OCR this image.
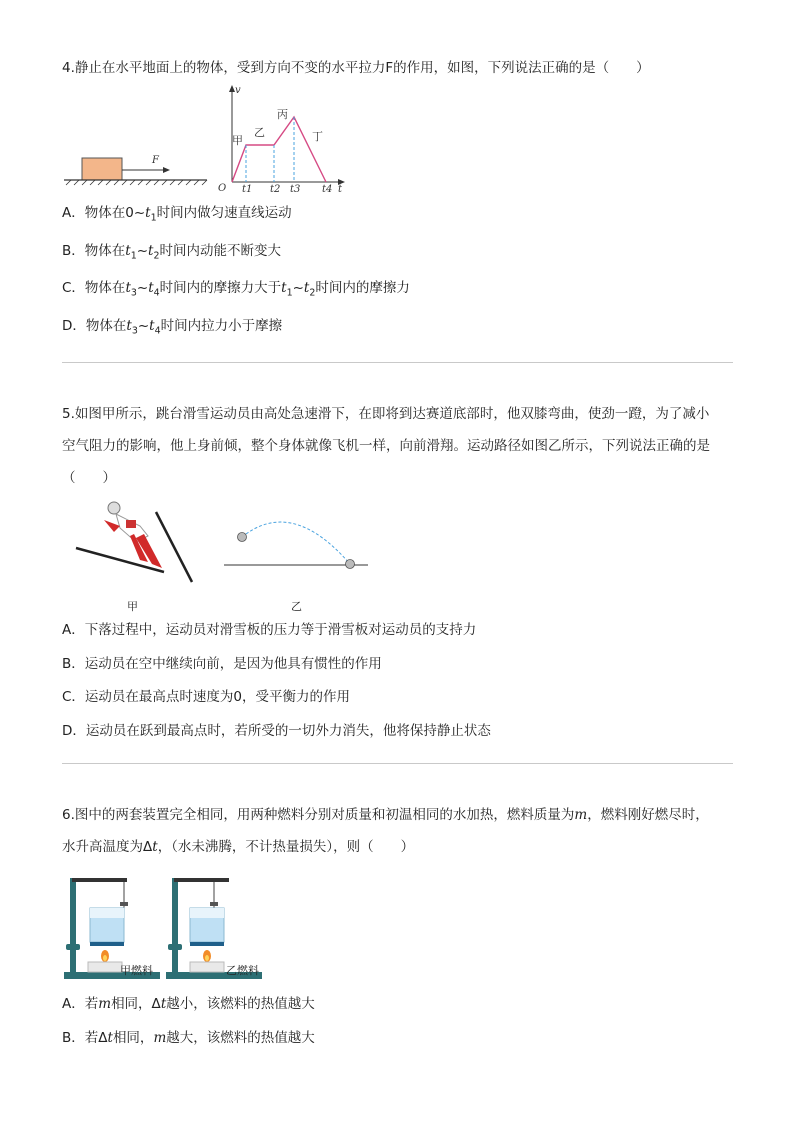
4.静止在水平地面上的物体，受到方向不变的水平拉力F的作用，如图，下列说法正确的是（　　）
F
v
t
O
甲
乙
丙
丁
t1 t2 t3 t4
A．物体在$0\sim t_1$时间内做匀速直线运动
B．物体在$t_1\sim t_2$时间内动能不断变大
C．物体在$t_3\sim t_4$时间内的摩擦力大于$t_1\sim t_2$时间内的摩擦力
D．物体在$t_3\sim t_4$时间内拉力小于摩擦
5.如图甲所示，跳台滑雪运动员由高处急速滑下，在即将到达赛道底部时，他双膝弯曲，使劲一蹬，为了减小
空气阻力的影响，他上身前倾，整个身体就像飞机一样，向前滑翔。运动路径如图乙所示，下列说法正确的是
（　　）
甲	乙
A．下落过程中，运动员对滑雪板的压力等于滑雪板对运动员的支持力
B．运动员在空中继续向前，是因为他具有惯性的作用
C．运动员在最高点时速度为0，受平衡力的作用
D．运动员在跃到最高点时，若所受的一切外力消失，他将保持静止状态
6.图中的两套装置完全相同，用两种燃料分别对质量和初温相同的水加热，燃料质量为m，燃料刚好燃尽时，
水升高温度为Δt，（水未沸腾，不计热量损失），则（　　）
甲燃料	乙燃料
A．若m相同，Δt越小，该燃料的热值越大
B．若Δt相同，m越大，该燃料的热值越大
